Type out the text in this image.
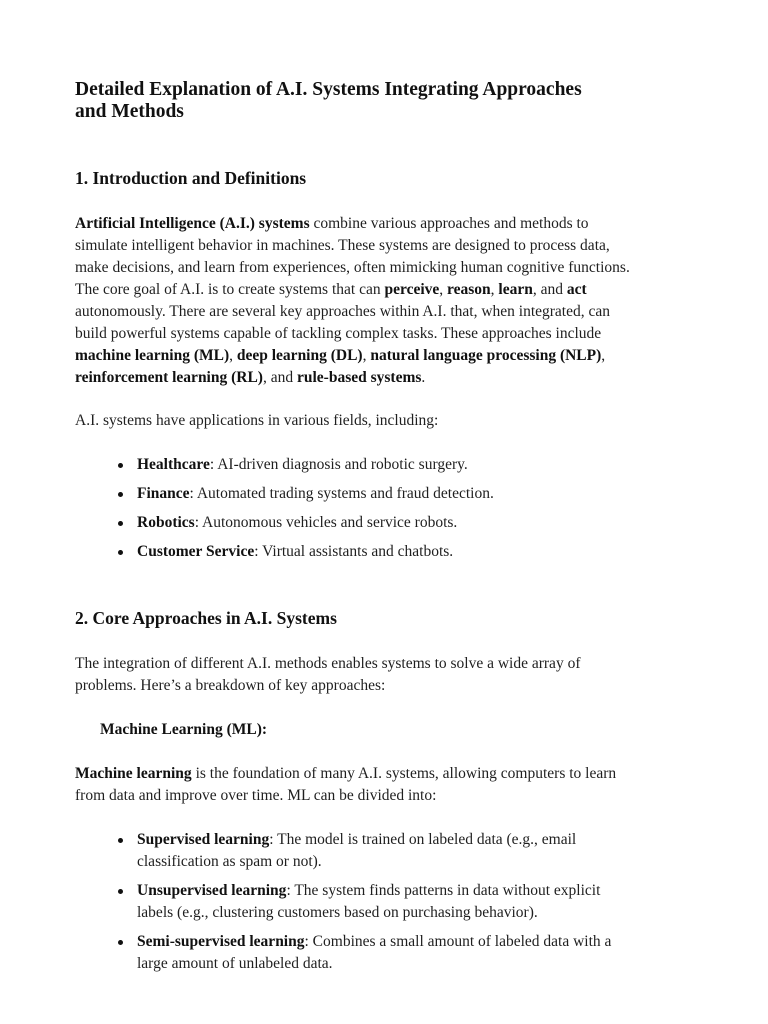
Detailed Explanation of A.I. Systems Integrating Approaches
and Methods
1. Introduction and Definitions
Artificial Intelligence (A.I.) systems combine various approaches and methods to
simulate intelligent behavior in machines. These systems are designed to process data,
make decisions, and learn from experiences, often mimicking human cognitive functions.
The core goal of A.I. is to create systems that can perceive, reason, learn, and act
autonomously. There are several key approaches within A.I. that, when integrated, can
build powerful systems capable of tackling complex tasks. These approaches include
machine learning (ML), deep learning (DL), natural language processing (NLP),
reinforcement learning (RL), and rule-based systems.
A.I. systems have applications in various fields, including:
Healthcare: AI-driven diagnosis and robotic surgery.
Finance: Automated trading systems and fraud detection.
Robotics: Autonomous vehicles and service robots.
Customer Service: Virtual assistants and chatbots.
2. Core Approaches in A.I. Systems
The integration of different A.I. methods enables systems to solve a wide array of
problems. Here’s a breakdown of key approaches:
Machine Learning (ML):
Machine learning is the foundation of many A.I. systems, allowing computers to learn
from data and improve over time. ML can be divided into:
Supervised learning: The model is trained on labeled data (e.g., email
classification as spam or not).
Unsupervised learning: The system finds patterns in data without explicit
labels (e.g., clustering customers based on purchasing behavior).
Semi-supervised learning: Combines a small amount of labeled data with a
large amount of unlabeled data.
